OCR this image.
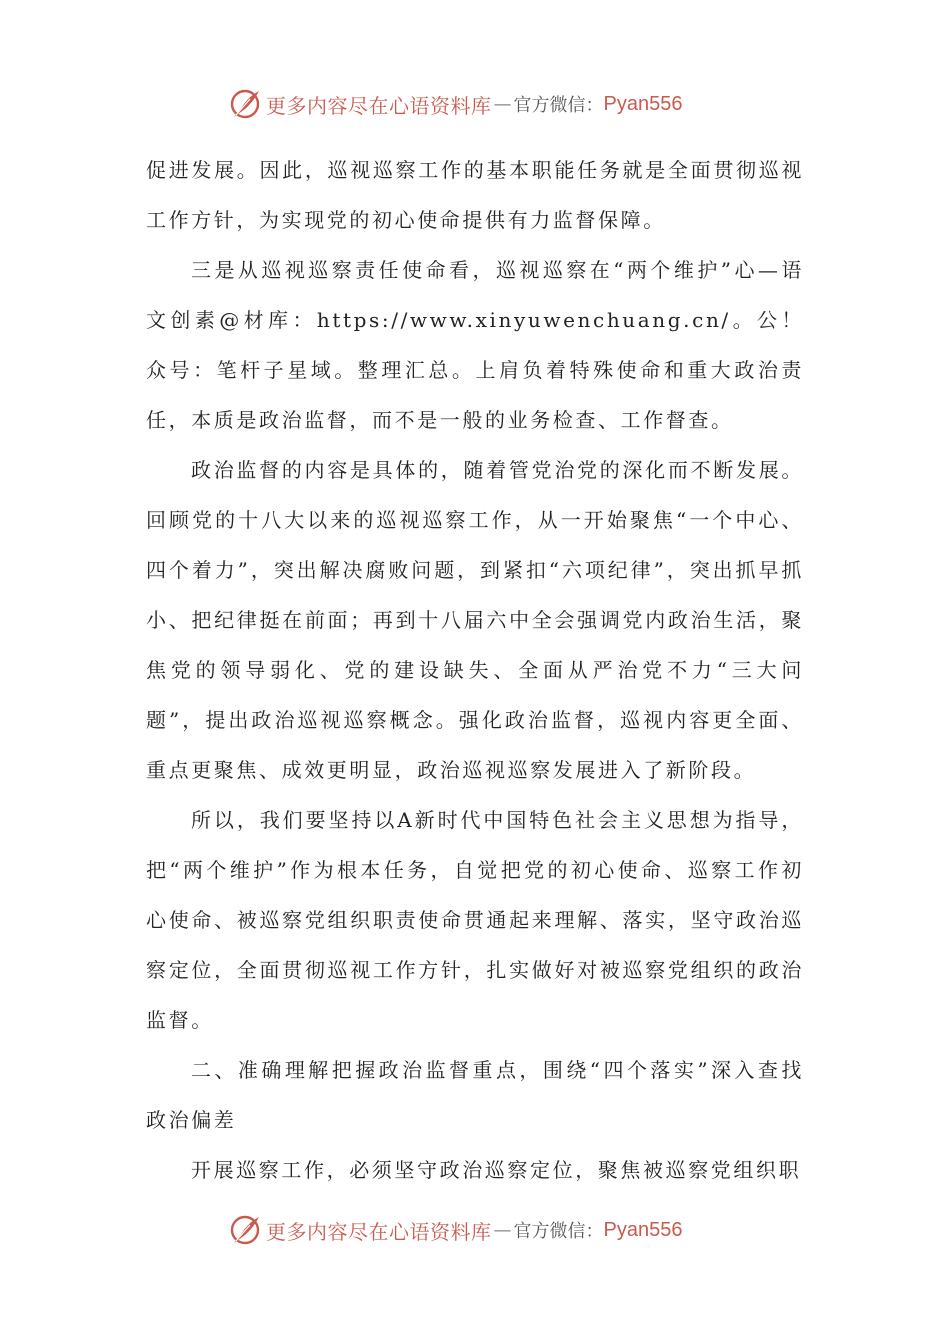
更多内容尽在心语资料库 — 官方微信： Pyan556

促进发展。因此，巡视巡察工作的基本职能任务就是全面贯彻巡视工作方针，为实现党的初心使命提供有力监督保障。

三是从巡视巡察责任使命看，巡视巡察在“两个维护”心—语文创素@材库：https://www.xinyuwenchuang.cn/。公！众号：笔杆子星域。整理汇总。上肩负着特殊使命和重大政治责任，本质是政治监督，而不是一般的业务检查、工作督查。

政治监督的内容是具体的，随着管党治党的深化而不断发展。回顾党的十八大以来的巡视巡察工作，从一开始聚焦“一个中心、四个着力”，突出解决腐败问题，到紧扣“六项纪律”，突出抓早抓小、把纪律挺在前面；再到十八届六中全会强调党内政治生活，聚焦党的领导弱化、党的建设缺失、全面从严治党不力“三大问题”，提出政治巡视巡察概念。强化政治监督，巡视内容更全面、重点更聚焦、成效更明显，政治巡视巡察发展进入了新阶段。

所以，我们要坚持以A新时代中国特色社会主义思想为指导，把“两个维护”作为根本任务，自觉把党的初心使命、巡察工作初心使命、被巡察党组织职责使命贯通起来理解、落实，坚守政治巡察定位，全面贯彻巡视工作方针，扎实做好对被巡察党组织的政治监督。

二、准确理解把握政治监督重点，围绕“四个落实”深入查找政治偏差

开展巡察工作，必须坚守政治巡察定位，聚焦被巡察党组织职

更多内容尽在心语资料库 — 官方微信： Pyan556
